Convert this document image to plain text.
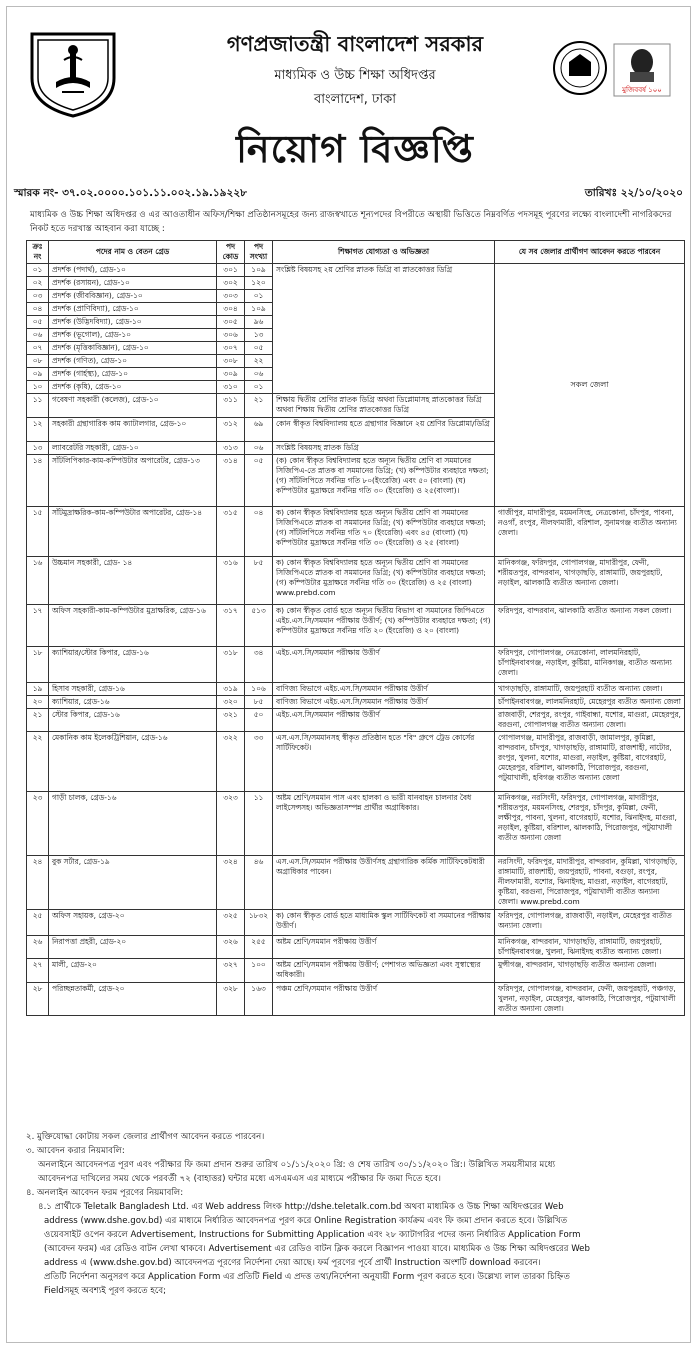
মুজিববর্ষ ১০০
গণপ্রজাতন্ত্রী বাংলাদেশ সরকার
মাধ্যমিক ও উচ্চ শিক্ষা অধিদপ্তর
বাংলাদেশ, ঢাকা
নিয়োগ বিজ্ঞপ্তি
স্মারক নং- ৩৭.০২.০০০০.১০১.১১.০০২.১৯.১৯২২৮	তারিখঃ ২২/১০/২০২০
মাধ্যমিক ও উচ্চ শিক্ষা অধিদপ্তর ও এর আওতাধীন অফিস/শিক্ষা প্রতিষ্ঠানসমূহের জন্য রাজস্বখাতে শূন্যপদের বিপরীতে অস্থায়ী ভিত্তিতে নিম্নবর্ণিত পদসমূহ পূরণের লক্ষ্যে বাংলাদেশী নাগরিকদের নিকট হতে দরখাস্ত আহবান করা যাচ্ছে :
ক্রঃ নং	পদের নাম ও বেতন গ্রেড	পদ কোড	পদ সংখ্যা	শিক্ষাগত যোগ্যতা ও অভিজ্ঞতা	যে সব জেলার প্রার্থীগণ আবেদন করতে পারবেন
০১	প্রদর্শক (পদার্থ), গ্রেড-১০	৩০১	১০৯	সংশ্লিষ্ট বিষয়সহ ২য় শ্রেণির স্নাতক ডিগ্রি বা স্নাতকোত্তর ডিগ্রি	সকল জেলা
০২	প্রদর্শক (রসায়ন), গ্রেড-১০	৩০২	১২০		
০৩	প্রদর্শক (জীববিজ্ঞান), গ্রেড-১০	৩০৩	০১		
০৪	প্রদর্শক (প্রাণিবিদ্যা), গ্রেড-১০	৩০৪	১০৯		
০৫	প্রদর্শক (উদ্ভিদবিদ্যা), গ্রেড-১০	৩০৫	৯৬		
০৬	প্রদর্শক (ভূগোল), গ্রেড-১০	৩০৬	১৩		
০৭	প্রদর্শক (মৃত্তিকাবিজ্ঞান), গ্রেড-১০	৩০৭	০৫		
০৮	প্রদর্শক (গণিত), গ্রেড-১০	৩০৮	২২		
০৯	প্রদর্শক (গার্হস্থ্য), গ্রেড-১০	৩০৯	০৬		
১০	প্রদর্শক (কৃষি), গ্রেড-১০	৩১০	০১		
১১	গবেষণা সহকারী (কলেজ), গ্রেড-১০	৩১১	২১	শিক্ষায় দ্বিতীয় শ্রেণির স্নাতক ডিগ্রি অথবা ডিপ্লোমাসহ স্নাতকোত্তর ডিগ্রি অথবা শিক্ষায় দ্বিতীয় শ্রেণির স্নাতকোত্তর ডিগ্রি	
১২	সহকারী গ্রন্থাগারিক কাম ক্যাটালগার, গ্রেড-১০	৩১২	৬৯	কোন স্বীকৃত বিশ্ববিদ্যালয় হতে গ্রন্থাগার বিজ্ঞানে ২য় শ্রেণির ডিপ্লোমা/ডিগ্রি	
১৩	ল্যাবরেটরি সহকারী, গ্রেড-১০	৩১৩	০৬	সংশ্লিষ্ট বিষয়সহ স্নাতক ডিগ্রি	
১৪	সাঁটলিপিকার-কাম-কম্পিউটার অপারেটর, গ্রেড-১৩	৩১৪	০৫	(ক) কোন স্বীকৃত বিশ্ববিদ্যালয় হতে অন্যূন দ্বিতীয় শ্রেণি বা সমমানের সিজিপিএ-তে স্নাতক বা সমমানের ডিগ্রি; (খ) কম্পিউটার ব্যবহারে দক্ষতা; (গ) সাঁটলিপিতে সর্বনিম্ন গতি ৮০(ইংরেজি) এবং ৫০ (বাংলা) (ঘ) কম্পিউটার মুদ্রাক্ষরে সর্বনিম্ন গতি ৩০ (ইংরেজি) ও ২৫(বাংলা)।	
১৫	সাঁটমুদ্রাক্ষরিক-কাম-কম্পিউটার অপারেটর, গ্রেড-১৪	৩১৫	০৪	ক) কোন স্বীকৃত বিশ্ববিদ্যালয় হতে অন্যূন দ্বিতীয় শ্রেণি বা সমমানের সিজিপিএতে স্নাতক বা সমমানের ডিগ্রি; (খ) কম্পিউটার ব্যবহারে দক্ষতা; (গ) সাঁটলিপিতে সর্বনিম্ন গতি ৭০ (ইংরেজি) এবং ৪৫ (বাংলা) (ঘ) কম্পিউটার মুদ্রাক্ষরে সর্বনিম্ন গতি ৩০ (ইংরেজি) ও ২৫ (বাংলা)	গাজীপুর, মাদারীপুর, ময়মনসিংহ, নেত্রকোনা, চাঁদপুর, পাবনা, নওগাঁ, রংপুর, নীলফামারী, বরিশাল, সুনামগঞ্জ ব্যতীত অন্যান্য জেলা।
১৬	উচ্চমান সহকারী, গ্রেড- ১৪	৩১৬	৮৫	ক) কোন স্বীকৃত বিশ্ববিদ্যালয় হতে অন্যূন দ্বিতীয় শ্রেণি বা সমমানের সিজিপিএতে স্নাতক বা সমমানের ডিগ্রি; (খ) কম্পিউটার ব্যবহারে দক্ষতা; (গ) কম্পিউটার মুদ্রাক্ষরে সর্বনিম্ন গতি ৩০ (ইংরেজি) ও ২৫ (বাংলা) www.prebd.com	মানিকগঞ্জ, ফরিদপুর, গোপালগঞ্জ, মাদারীপুর, ফেনী, শরীয়তপুর, বান্দরবান, খাগড়াছড়ি, রাঙ্গামাটি, জয়পুরহাট, নড়াইল, ঝালকাঠি ব্যতীত অন্যান্য জেলা।
১৭	অফিস সহকারী-কাম-কম্পিউটার মুদ্রাক্ষরিক, গ্রেড-১৬	৩১৭	৫১৩	ক) কোন স্বীকৃত বোর্ড হতে অন্যূন দ্বিতীয় বিভাগ বা সমমানের জিপিএতে এইচ.এস.সি/সমমান পরীক্ষায় উত্তীর্ণ; (খ) কম্পিউটার ব্যবহারে দক্ষতা; (গ) কম্পিউটার মুদ্রাক্ষরে সর্বনিম্ন গতি ২০ (ইংরেজি) ও ২০ (বাংলা)	ফরিদপুর, বান্দরবান, ঝালকাঠি ব্যতীত অন্যান্য সকল জেলা।
১৮	ক্যাশিয়ার/স্টোর কিপার, গ্রেড-১৬	৩১৮	৩৪	এইচ.এস.সি/সমমান পরীক্ষায় উত্তীর্ণ	ফরিদপুর, গোপালগঞ্জ, নেত্রকোনা, লালমনিরহাট, চাঁপাইনবাবগঞ্জ, নড়াইল, কুষ্টিয়া, মানিকগঞ্জ, ব্যতীত অন্যান্য জেলা।
১৯	হিসাব সহকারী, গ্রেড-১৬	৩১৯	১০৬	বাণিজ্য বিভাগে এইচ.এস.সি/সমমান পরীক্ষায় উত্তীর্ণ	খাগড়াছড়ি, রাঙ্গামাটি, জয়পুরহাট ব্যতীত অন্যান্য জেলা।
২০	ক্যাশিয়ার, গ্রেড-১৬	৩২০	৮৫	বাণিজ্য বিভাগে এইচ.এস.সি/সমমান পরীক্ষায় উত্তীর্ণ	চাঁপাইনবাবগঞ্জ, লালমনিরহাট, মেহেরপুর ব্যতীত অন্যান্য জেলা
২১	স্টোর কিপার, গ্রেড-১৬	৩২১	৫০	এইচ.এস.সি/সমমান পরীক্ষায় উত্তীর্ণ	রাজবাড়ী, শেরপুর, রংপুর, গাইবান্ধা, যশোর, মাগুরা, মেহেরপুর, বরগুনা, গোপালগঞ্জ ব্যতীত অন্যান্য জেলা।
২২	মেকানিক কাম ইলেকট্রিশিয়ান, গ্রেড-১৬	৩২২	৩৩	এস.এস.সি/সমমানসহ স্বীকৃত প্রতিষ্ঠান হতে "বি" গ্রুপে ট্রেড কোর্সের সার্টিফিকেট।	গোপালগঞ্জ, মাদারীপুর, রাজবাড়ী, জামালপুর, কুমিল্লা, বান্দরবান, চাঁদপুর, খাগড়াছড়ি, রাঙ্গামাটি, রাজশাহী, নাটোর, রংপুর, খুলনা, যশোর, মাগুরা, নড়াইল, কুষ্টিয়া, বাগেরহাট, মেহেরপুর, বরিশাল, ঝালকাঠি, পিরোজপুর, বরগুনা, পটুয়াখালী, হবিগঞ্জ ব্যতীত অন্যান্য জেলা
২৩	গাড়ী চালক, গ্রেড-১৬	৩২৩	১১	অষ্টম শ্রেণি/সমমান পাস এবং হালকা ও ভারী যানবাহন চালনার বৈধ লাইসেন্সসহ। অভিজ্ঞতাসম্পন্ন প্রার্থীর অগ্রাধিকার।	মানিকগঞ্জ, নরসিংদী, ফরিদপুর, গোপালগঞ্জ, মাদারীপুর, শরীয়তপুর, ময়মনসিংহ, শেরপুর, চাঁদপুর, কুমিল্লা, ফেনী, লক্ষীপুর, পাবনা, খুলনা, বাগেরহাট, যশোর, ঝিনাইদহ, মাগুরা, নড়াইল, কুষ্টিয়া, বরিশাল, ঝালকাঠি, পিরোজপুর, পটুয়াখালী ব্যতীত অন্যান্য জেলা
২৪	বুক সর্টার, গ্রেড-১৯	৩২৪	৪৬	এস.এস.সি/সমমান পরীক্ষায় উত্তীর্ণসহ গ্রন্থাগারিক কর্মিক সার্টিফিকেটধারী অগ্রাধিকার পাবেন।	নরসিংদী, ফরিদপুর, মাদারীপুর, বান্দরবান, কুমিল্লা, খাগড়াছড়ি, রাঙ্গামাটি, রাজশাহী, জয়পুরহাট, পাবনা, বগুড়া, রংপুর, নীলফামারী, যশোর, ঝিনাইদহ, মাগুরা, নড়াইল, বাগেরহাট, কুষ্টিয়া, বরগুনা, পিরোজপুর, পটুয়াখালী ব্যতীত অন্যান্য জেলা। www.prebd.com
২৫	অফিস সহায়ক, গ্রেড-২০	৩২৫	১৮৩২	ক) কোন স্বীকৃত বোর্ড হতে মাধ্যমিক স্কুল সার্টিফিকেট বা সমমানের পরীক্ষায় উত্তীর্ণ।	ফরিদপুর, গোপালগঞ্জ, রাজবাড়ী, নড়াইল, মেহেরপুর ব্যতীত অন্যান্য জেলা।
২৬	নিরাপত্তা প্রহরী, গ্রেড-২০	৩২৬	২৫৫	অষ্টম শ্রেণি/সমমান পরীক্ষায় উত্তীর্ণ	মানিকগঞ্জ, বান্দরবান, খাগড়াছড়ি, রাঙ্গামাটি, জয়পুরহাট, চাঁপাইনবাবগঞ্জ, খুলনা, ঝিনাইদহ ব্যতীত অন্যান্য জেলা।
২৭	মালী, গ্রেড-২০	৩২৭	১০০	অষ্টম শ্রেণি/সমমান পরীক্ষায় উত্তীর্ণ; পেশাগত অভিজ্ঞতা এবং সুস্বাস্থ্যের অধিকারী।	মুন্সীগঞ্জ, বান্দরবান, খাগড়াছড়ি ব্যতীত অন্যান্য জেলা।
২৮	পরিচ্ছন্নতাকর্মী, গ্রেড-২০	৩২৮	১৬৩	পঞ্চম শ্রেণি/সমমান পরীক্ষায় উত্তীর্ণ	ফরিদপুর, গোপালগঞ্জ, বান্দরবান, ফেনী, জয়পুরহাট, পঞ্চগড়, খুলনা, নড়াইল, মেহেরপুর, ঝালকাঠি, পিরোজপুর, পটুয়াখালী ব্যতীত অন্যান্য জেলা।

২. মুক্তিযোদ্ধা কোটায় সকল জেলার প্রার্থীগণ আবেদন করতে পারবেন।

৩. আবেদন করার নিয়মাবলি:

অনলাইনে আবেদনপত্র পূরণ এবং পরীক্ষার ফি জমা প্রদান শুরুর তারিখ ০১/১১/২০২০ খ্রি: ও শেষ তারিখ ৩০/১১/২০২০ খ্রি:। উল্লিখিত সময়সীমার মধ্যে

আবেদনপত্র দাখিলের সময় থেকে পরবর্তী ৭২ (বাহাত্তর) ঘন্টার মধ্যে এসএমএস এর মাধ্যমে পরীক্ষার ফি জমা দিতে হবে।

৪. অনলাইন আবেদন ফরম পূরণের নিয়মাবলি:

৪.১ প্রার্থীকে Teletalk Bangladesh Ltd. এর Web address লিংক http://dshe.teletalk.com.bd অথবা মাধ্যমিক ও উচ্চ শিক্ষা অধিদপ্তরের Web

address (www.dshe.gov.bd) এর মাধ্যমে নির্ধারিত আবেদনপত্র পূরণ করে Online Registration কার্যক্রম এবং ফি জমা প্রদান করতে হবে। উল্লিখিত

ওয়েবসাইট ওপেন করলে Advertisement, Instructions for Submitting Application এবং ২৮ ক্যাটাগরির পদের জন্য নির্ধারিত Application Form

(আবেদন ফরম) এর রেডিও বাটন লেখা থাকবে। Advertisement এর রেডিও বাটন ক্লিক করলে বিজ্ঞাপন পাওয়া যাবে। মাধ্যমিক ও উচ্চ শিক্ষা অধিদপ্তরের Web

address এ (www.dshe.gov.bd) আবেদনপত্র পূরণের নির্দেশনা দেয়া আছে। ফর্ম পূরণের পূর্বে প্রার্থী Instruction অংশটি download করবেন।

প্রতিটি নির্দেশনা অনুসরণ করে Application Form এর প্রতিটি Field এ প্রদত্ত তথ্য/নির্দেশনা অনুযায়ী Form পূরণ করতে হবে। উল্লেখ্য লাল তারকা চিহ্নিত

Fieldসমূহ অবশ্যই পূরণ করতে হবে;
